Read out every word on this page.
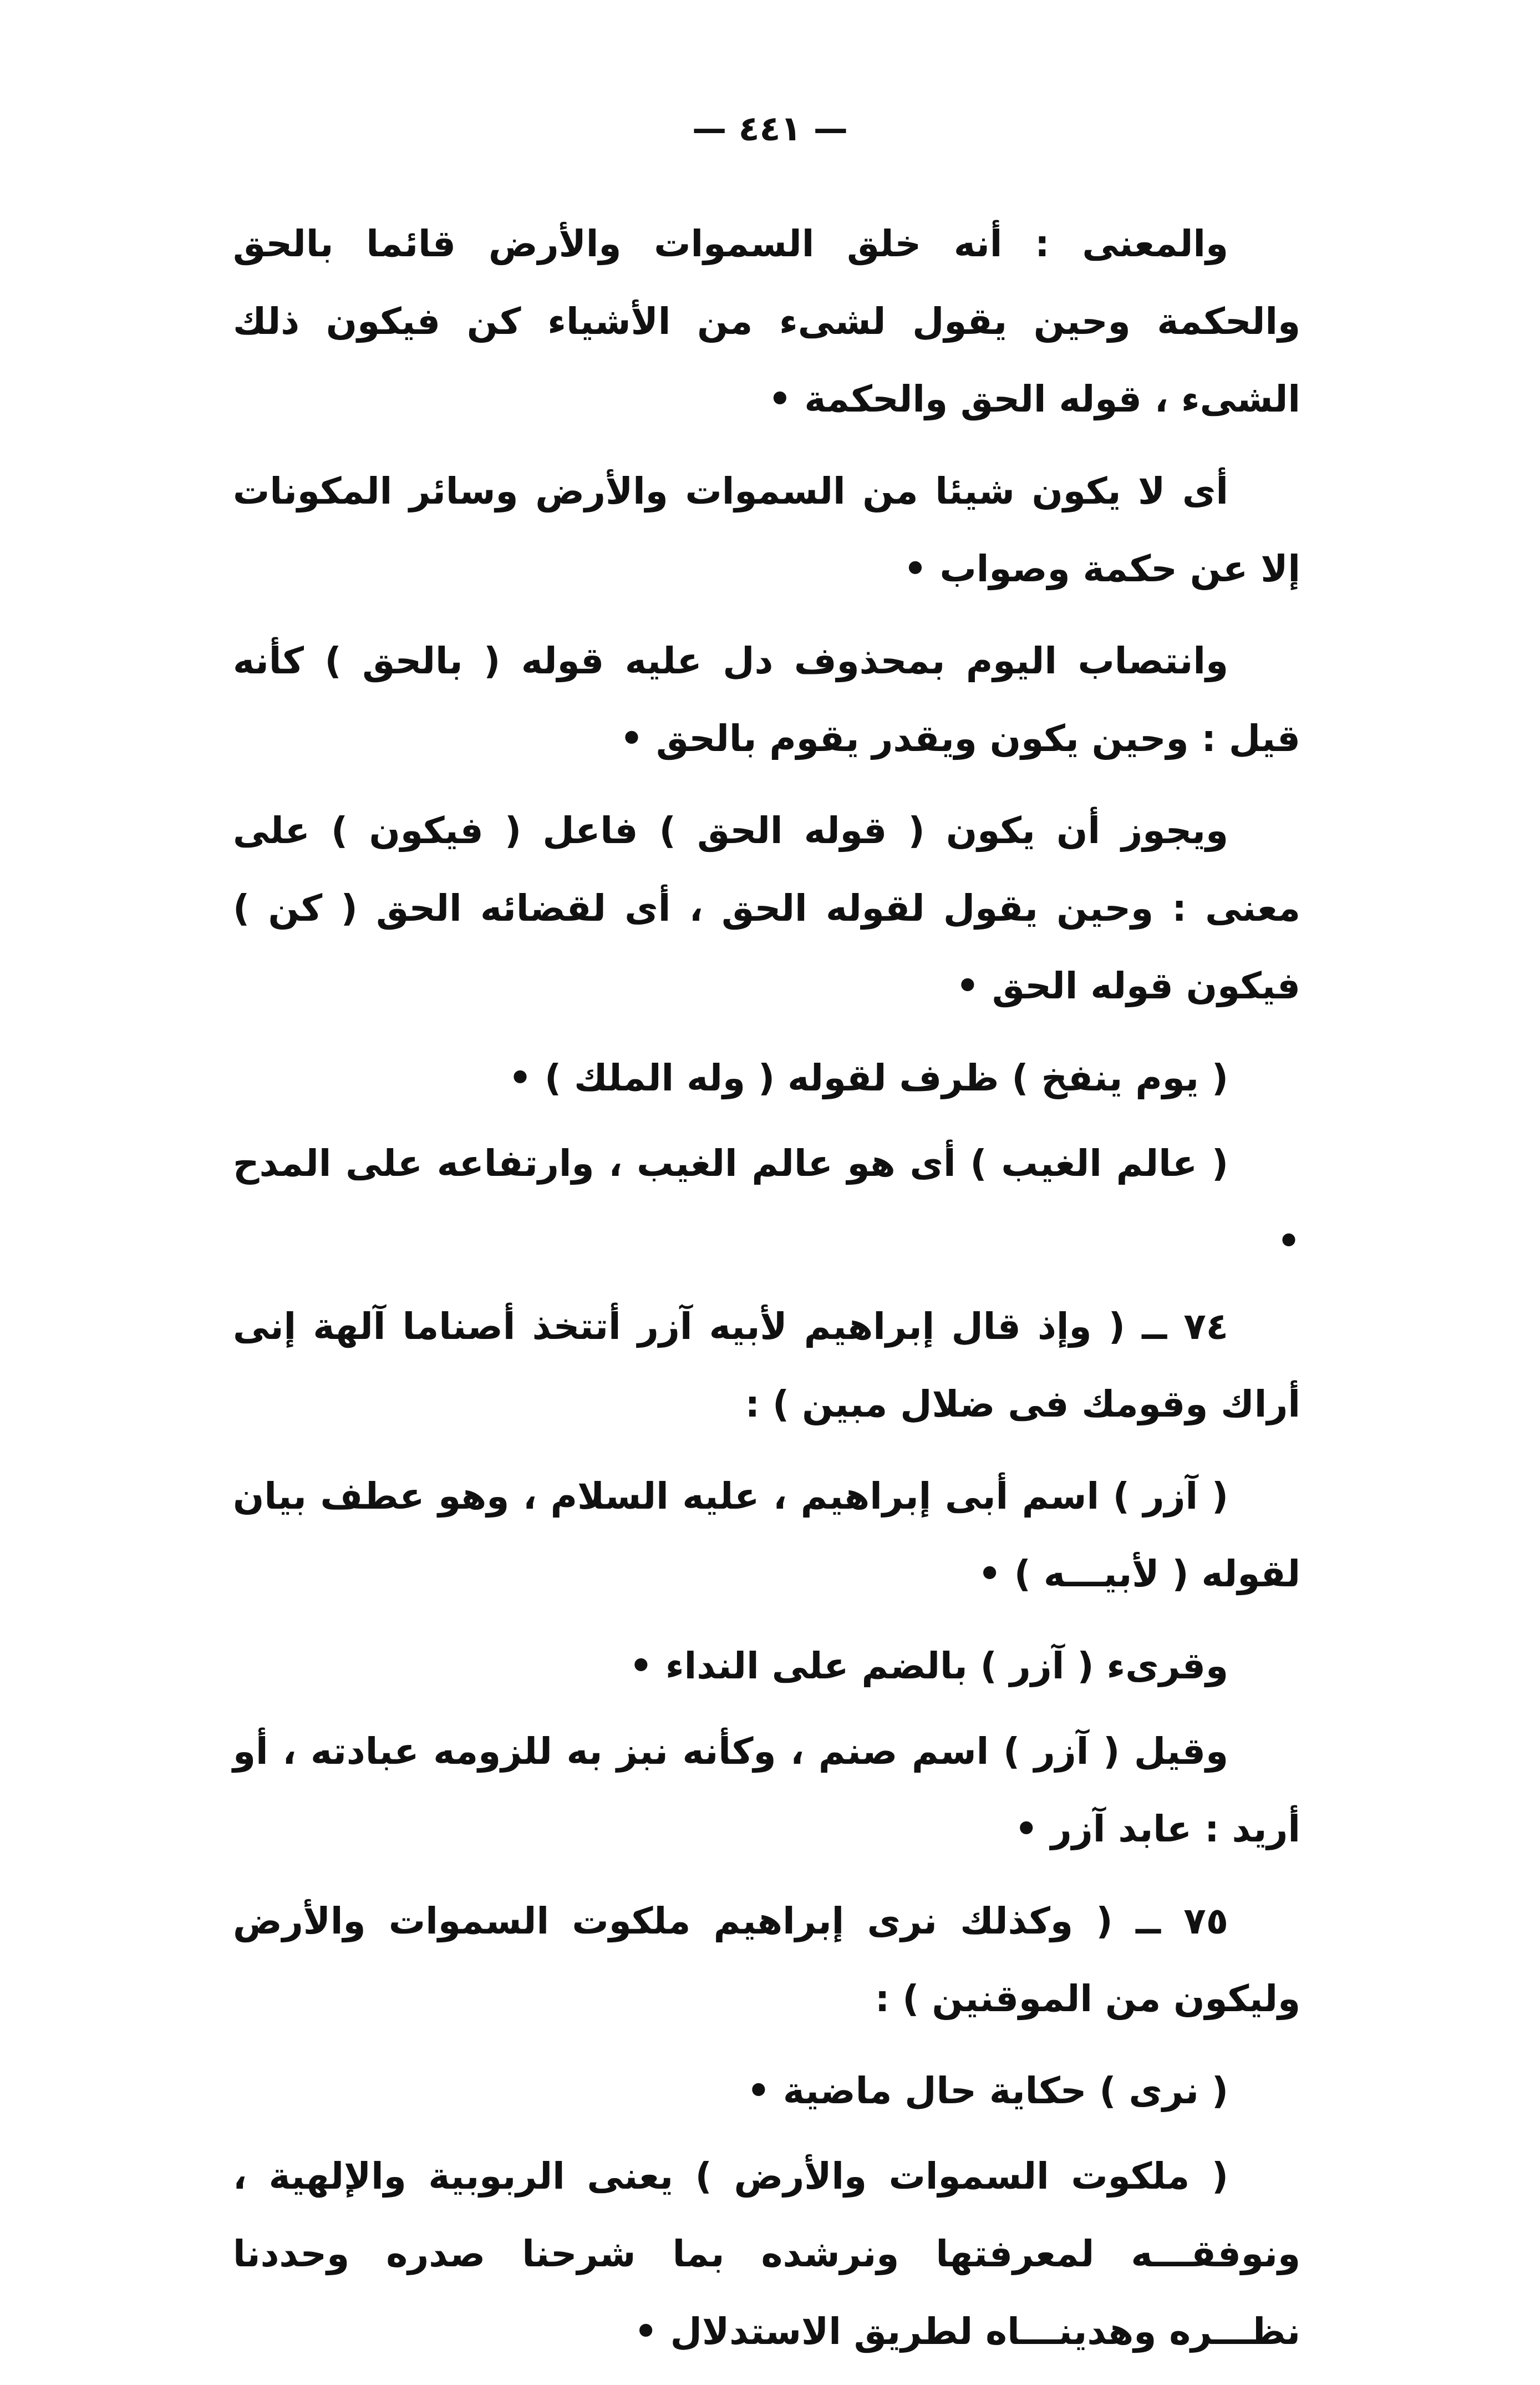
— ٤٤١ —

والمعنى : أنه خلق السموات والأرض قائما بالحق والحكمة وحين يقول لشىء من الأشياء كن فيكون ذلك الشىء ، قوله الحق والحكمة •

أى لا يكون شيئا من السموات والأرض وسائر المكونات إلا عن حكمة وصواب •

وانتصاب اليوم بمحذوف دل عليه قوله ( بالحق ) كأنه قيل : وحين يكون ويقدر يقوم بالحق •

ويجوز أن يكون ( قوله الحق ) فاعل ( فيكون ) على معنى : وحين يقول لقوله الحق ، أى لقضائه الحق ( كن ) فيكون قوله الحق •

( يوم ينفخ ) ظرف لقوله ( وله الملك ) •

( عالم الغيب ) أى هو عالم الغيب ، وارتفاعه على المدح •

٧٤ ــ ( وإذ قال إبراهيم لأبيه آزر أتتخذ أصناما آلهة إنى أراك وقومك فى ضلال مبين ) :

( آزر ) اسم أبى إبراهيم ، عليه السلام ، وهو عطف بيان لقوله ( لأبيـــه ) •

وقرىء ( آزر ) بالضم على النداء •

وقيل ( آزر ) اسم صنم ، وكأنه نبز به للزومه عبادته ، أو أريد : عابد آزر •

٧٥ ــ ( وكذلك نرى إبراهيم ملكوت السموات والأرض وليكون من الموقنين ) :

( نرى ) حكاية حال ماضية •

( ملكوت السموات والأرض ) يعنى الربوبية والإلهية ، ونوفقـــه لمعرفتها ونرشده بما شرحنا صدره وحددنا نظـــره وهدينـــاه لطريق الاستدلال •
